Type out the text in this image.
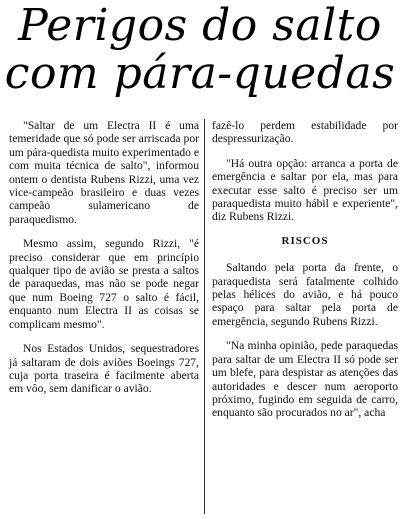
Perigos do salto
com pára-quedas

"Saltar de um Electra II é uma temeridade que só pode ser arriscada por um pára-quedista muito experimentado e com muita técnica de salto", informou ontem o dentista Rubens Rizzi, uma vez vice-campeão brasileiro e duas vezes campeão sulamericano de paraquedismo.

Mesmo assim, segundo Rizzi, "é preciso considerar que em princípio qualquer tipo de avião se presta a saltos de paraquedas, mas não se pode negar que num Boeing 727 o salto é fácil, enquanto num Electra II as coisas se complicam mesmo".

Nos Estados Unidos, sequestradores já saltaram de dois aviões Boeings 727, cuja porta traseira é facilmente aberta em vôo, sem danificar o avião.

fazê-lo perdem estabilidade por despressurização.

"Há outra opção: arranca a porta de emergência e saltar por ela, mas para executar esse salto é preciso ser um paraquedista muito hábil e experiente", diz Rubens Rizzi.

RISCOS

Saltando pela porta da frente, o paraquedista será fatalmente colhido pelas hélices do avião, e há pouco espaço para saltar pela porta de emergência, segundo Rubens Rizzi.

"Na minha opinião, pede paraquedas para saltar de um Electra II só pode ser um blefe, para despistar as atenções das autoridades e descer num aeroporto próximo, fugindo em seguida de carro, enquanto são procurados no ar", acha
